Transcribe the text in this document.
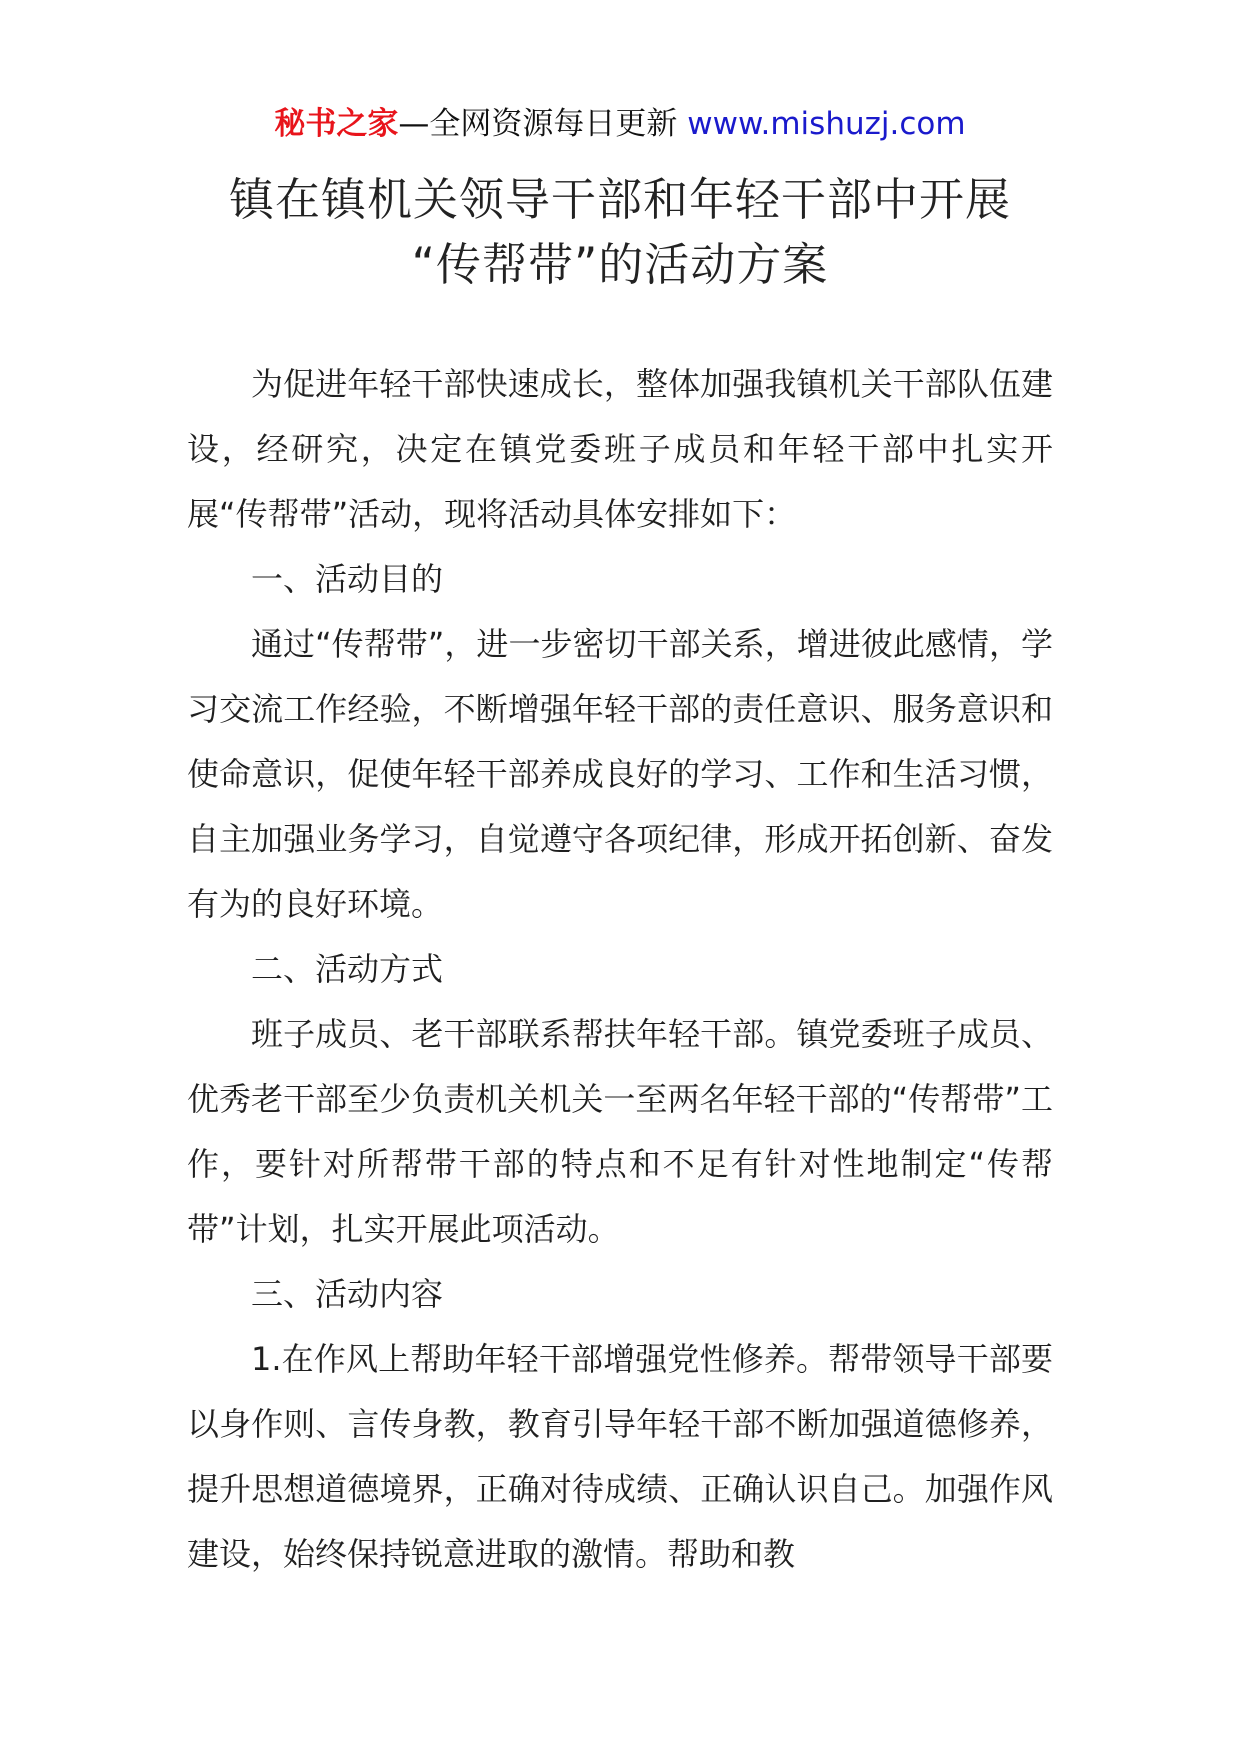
秘书之家—全网资源每日更新 www.mishuzj.com
镇在镇机关领导干部和年轻干部中开展
“传帮带”的活动方案

为促进年轻干部快速成长，整体加强我镇机关干部队伍建设，经研究，决定在镇党委班子成员和年轻干部中扎实开展“传帮带”活动，现将活动具体安排如下：

一、活动目的

通过“传帮带”，进一步密切干部关系，增进彼此感情，学习交流工作经验，不断增强年轻干部的责任意识、服务意识和使命意识，促使年轻干部养成良好的学习、工作和生活习惯，自主加强业务学习，自觉遵守各项纪律，形成开拓创新、奋发有为的良好环境。

二、活动方式

班子成员、老干部联系帮扶年轻干部。镇党委班子成员、优秀老干部至少负责机关机关一至两名年轻干部的“传帮带”工作，要针对所帮带干部的特点和不足有针对性地制定“传帮带”计划，扎实开展此项活动。

三、活动内容

1.在作风上帮助年轻干部增强党性修养。帮带领导干部要以身作则、言传身教，教育引导年轻干部不断加强道德修养，提升思想道德境界，正确对待成绩、正确认识自己。加强作风建设，始终保持锐意进取的激情。帮助和教
